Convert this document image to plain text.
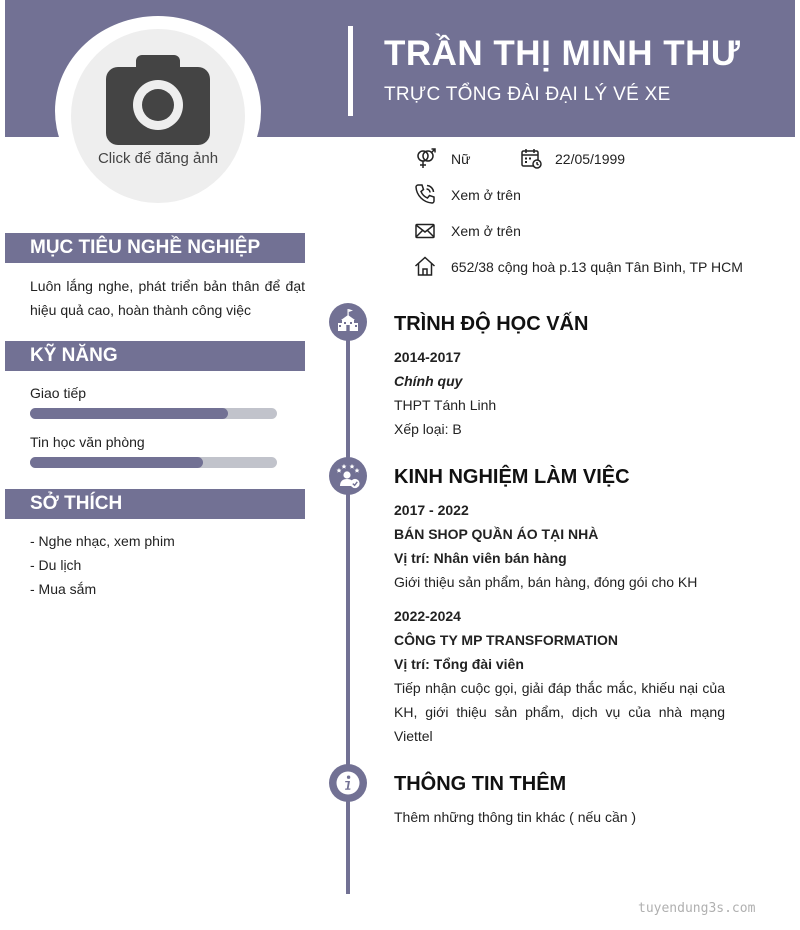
TRẦN THỊ MINH THƯ
TRỰC TỔNG ĐÀI ĐẠI LÝ VÉ XE
Click để đăng ảnh	Nữ	22/05/1999
Xem ở trên
Xem ở trên
652/38 cộng hoà p.13 quận Tân Bình, TP HCM
MỤC TIÊU NGHỀ NGHIỆP
Luôn lắng nghe, phát triển bản thân để đạt hiệu quả cao, hoàn thành công việc
KỸ NĂNG
Giao tiếp
Tin học văn phòng
SỞ THÍCH
- Nghe nhạc, xem phim
- Du lịch
- Mua sắm
TRÌNH ĐỘ HỌC VẤN
2014-2017
Chính quy
THPT Tánh Linh
Xếp loại: B
KINH NGHIỆM LÀM VIỆC
2017 - 2022
BÁN SHOP QUẦN ÁO TẠI NHÀ
Vị trí: Nhân viên bán hàng
Giới thiệu sản phẩm, bán hàng, đóng gói cho KH
2022-2024
CÔNG TY MP TRANSFORMATION
Vị trí: Tổng đài viên
Tiếp nhận cuộc gọi, giải đáp thắc mắc, khiếu nại của KH, giới thiệu sản phẩm, dịch vụ của nhà mạng Viettel
THÔNG TIN THÊM
Thêm những thông tin khác ( nếu cần )
tuyendung3s.com
